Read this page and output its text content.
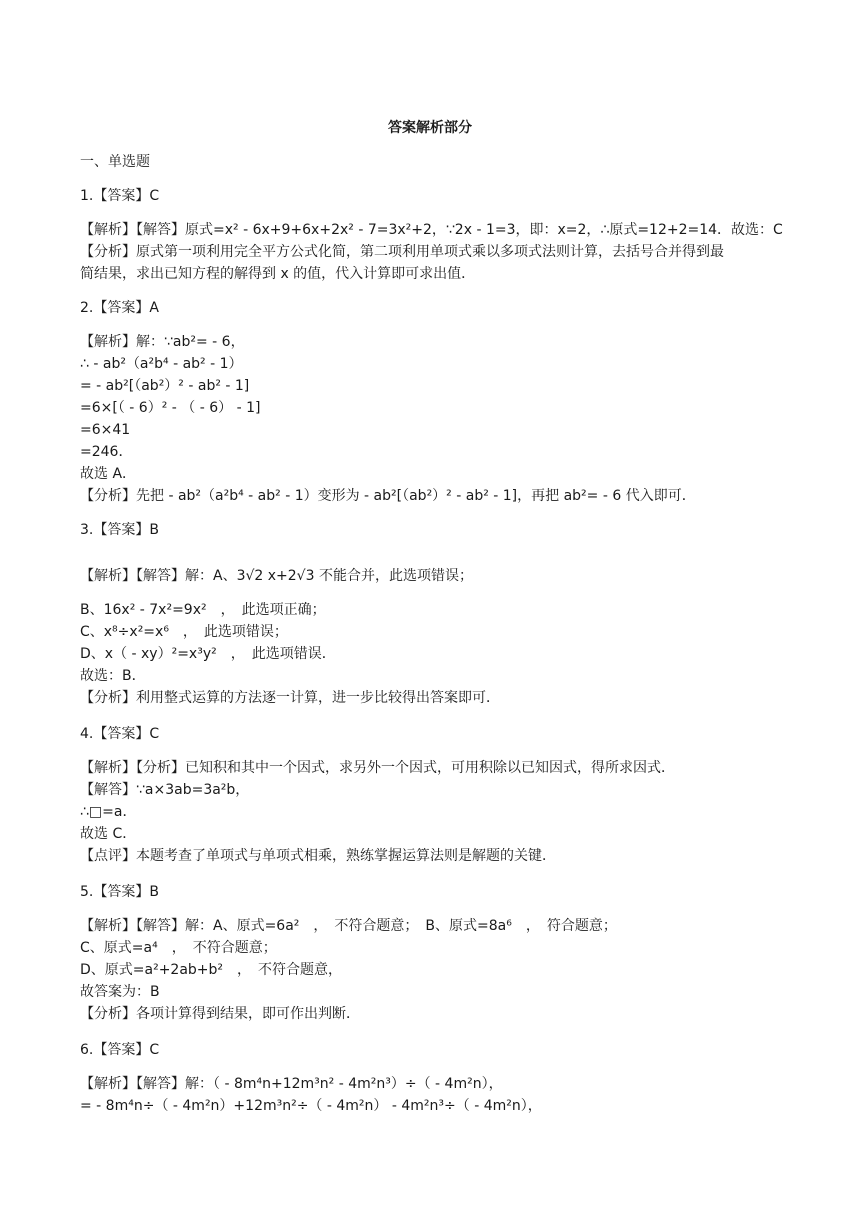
答案解析部分
一、单选题
1.【答案】C
【解析】【解答】原式=x² - 6x+9+6x+2x² - 7=3x²+2，∵2x - 1=3，即：x=2，∴原式=12+2=14．故选：C
【分析】原式第一项利用完全平方公式化简，第二项利用单项式乘以多项式法则计算，去括号合并得到最
简结果，求出已知方程的解得到 x 的值，代入计算即可求出值．
2.【答案】A
【解析】解：∵ab²= - 6，
∴ - ab²（a²b⁴ - ab² - 1）
= - ab²[（ab²）² - ab² - 1]
=6×[（ - 6）² - （ - 6） - 1]
=6×41
=246．
故选 A．
【分析】先把 - ab²（a²b⁴ - ab² - 1）变形为 - ab²[（ab²）² - ab² - 1]，再把 ab²= - 6 代入即可．
3.【答案】B
【解析】【解答】解：A、3√2 x+2√3 不能合并，此选项错误；
B、16x² - 7x²=9x²　，　此选项正确；
C、x⁸÷x²=x⁶　，　此选项错误；
D、x（ - xy）²=x³y²　，　此选项错误．
故选：B．
【分析】利用整式运算的方法逐一计算，进一步比较得出答案即可．
4.【答案】C
【解析】【分析】已知积和其中一个因式，求另外一个因式，可用积除以已知因式，得所求因式．
【解答】∵a×3ab=3a²b，
∴□=a．
故选 C．
【点评】本题考查了单项式与单项式相乘，熟练掌握运算法则是解题的关键．
5.【答案】B
【解析】【解答】解：A、原式=6a²　，　不符合题意；　B、原式=8a⁶　，　符合题意；
C、原式=a⁴　，　不符合题意；
D、原式=a²+2ab+b²　，　不符合题意，
故答案为：B
【分析】各项计算得到结果，即可作出判断．
6.【答案】C
【解析】【解答】解：（ - 8m⁴n+12m³n² - 4m²n³）÷（ - 4m²n），
= - 8m⁴n÷（ - 4m²n）+12m³n²÷（ - 4m²n） - 4m²n³÷（ - 4m²n），
